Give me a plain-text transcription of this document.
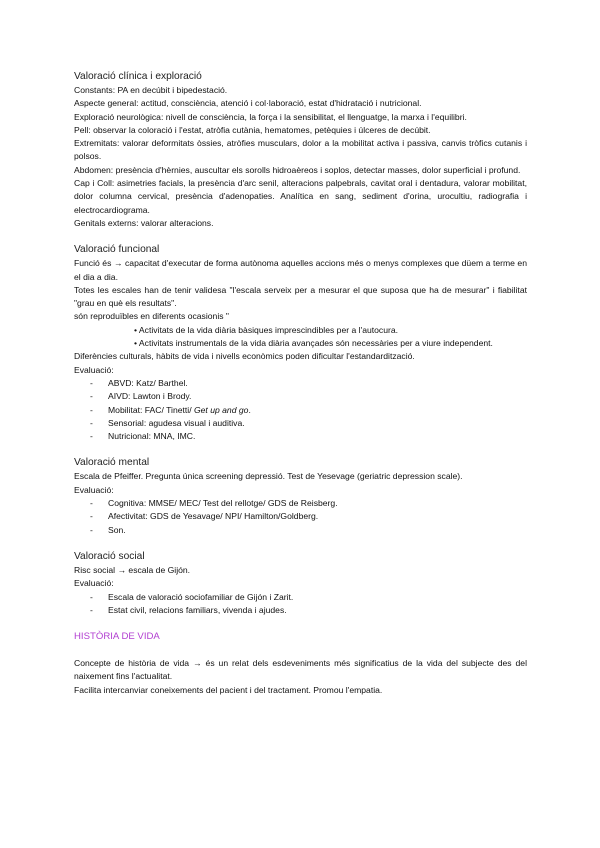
Valoració clínica i exploració

Constants: PA en decúbit i bipedestació.

Aspecte general: actitud, consciència, atenció i col·laboració, estat d'hidratació i nutricional.

Exploració neurològica: nivell de consciència, la força i la sensibilitat, el llenguatge, la marxa i l'equilibri.

Pell: observar la coloració i l'estat, atròfia cutània, hematomes, petèquies i úlceres de decúbit.

Extremitats: valorar deformitats òssies, atròfies musculars, dolor a la mobilitat activa i passiva, canvis tròfics cutanis i polsos.

Abdomen: presència d'hèrnies, auscultar els sorolls hidroaèreos i soplos, detectar masses, dolor superficial i profund.

Cap i Coll: asimetries facials, la presència d'arc senil, alteracions palpebrals, cavitat oral i dentadura, valorar mobilitat, dolor columna cervical, presència d'adenopaties. Analítica en sang, sediment d'orina, urocultiu, radiografia i electrocardiograma.

Genitals externs: valorar alteracions.

Valoració funcional

Funció és → capacitat d'executar de forma autònoma aquelles accions més o menys complexes que düem a terme en el dia a dia.

Totes les escales han de tenir validesa "l'escala serveix per a mesurar el que suposa que ha de mesurar" i fiabilitat "grau en què els resultats".

són reproduïbles en diferents ocasionis "

• Activitats de la vida diària bàsiques imprescindibles per a l'autocura.
• Activitats instrumentals de la vida diària avançades són necessàries per a viure independent.

Diferències culturals, hàbits de vida i nivells econòmics poden dificultar l'estandardització.

Evaluació:

- ABVD: Katz/ Barthel.
- AIVD: Lawton i Brody.
- Mobilitat: FAC/ Tinetti/ Get up and go.
- Sensorial: agudesa visual i auditiva.
- Nutricional: MNA, IMC.
Valoració mental

Escala de Pfeiffer. Pregunta única screening depressió. Test de Yesevage (geriatric depression scale).

Evaluació:

- Cognitiva: MMSE/ MEC/ Test del rellotge/ GDS de Reisberg.
- Afectivitat: GDS de Yesavage/ NPI/ Hamilton/Goldberg.
- Son.
Valoració social

Risc social → escala de Gijón.

Evaluació:

- Escala de valoració sociofamiliar de Gijón i Zarit.
- Estat civil, relacions familiars, vivenda i ajudes.
HISTÒRIA DE VIDA

Concepte de història de vida → és un relat dels esdeveniments més significatius de la vida del subjecte des del naixement fins l'actualitat.

Facilita intercanviar coneixements del pacient i del tractament. Promou l'empatia.
